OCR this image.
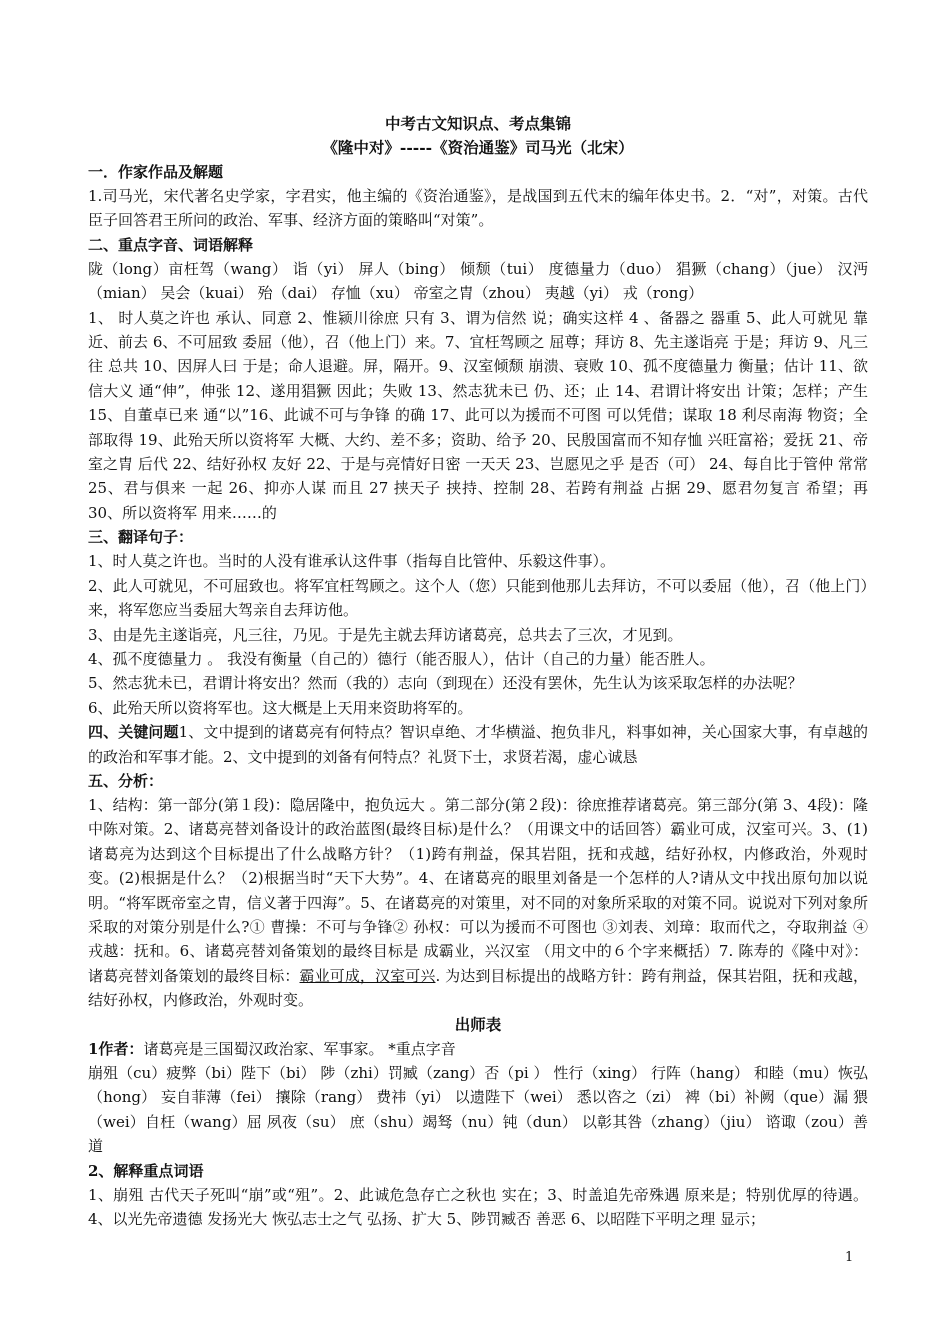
中考古文知识点、考点集锦
《隆中对》-----《资治通鉴》司马光（北宋）
一．作家作品及解题

1.司马光，宋代著名史学家，字君实，他主编的《资治通鉴》，是战国到五代末的编年体史书。2．“对”，对策。古代臣子回答君王所问的政治、军事、经济方面的策略叫“对策”。

二、重点字音、词语解释

陇（long）亩枉驾（wang） 诣（yi） 屏人（bing） 倾颓（tui） 度德量力（duo） 猖獗（chang）（jue） 汉沔（mian） 吴会（kuai） 殆（dai） 存恤（xu） 帝室之胄（zhou） 夷越（yi） 戎（rong）

1、 时人莫之许也 承认、同意 2、惟颍川徐庶 只有 3、谓为信然 说；确实这样 4 、备器之 器重 5、此人可就见 靠近、前去 6、不可屈致 委屈（他），召（他上门）来。7、宜枉驾顾之 屈尊；拜访 8、先主遂诣亮 于是；拜访 9、凡三往 总共 10、因屏人曰 于是；命人退避。屏，隔开。9、汉室倾颓 崩溃、衰败 10、孤不度德量力 衡量；估计 11、欲信大义 通“伸”，伸张 12、遂用猖獗 因此；失败 13、然志犹未已 仍、还；止 14、君谓计将安出 计策；怎样；产生 15、自董卓已来 通“以”16、此诚不可与争锋 的确 17、此可以为援而不可图 可以凭借；谋取 18 利尽南海 物资；全部取得 19、此殆天所以资将军 大概、大约、差不多；资助、给予 20、民殷国富而不知存恤 兴旺富裕；爱抚 21、帝室之胄 后代 22、结好孙权 友好 22、于是与亮情好日密 一天天 23、岂愿见之乎 是否（可） 24、每自比于管仲 常常 25、君与俱来 一起 26、抑亦人谋 而且 27 挟天子 挟持、控制 28、若跨有荆益 占据 29、愿君勿复言 希望；再 30、所以资将军 用来……的

三、翻译句子：

1、时人莫之许也。当时的人没有谁承认这件事（指每自比管仲、乐毅这件事）。

2、此人可就见，不可屈致也。将军宜枉驾顾之。这个人（您）只能到他那儿去拜访，不可以委屈（他），召（他上门）来，将军您应当委屈大驾亲自去拜访他。

3、由是先主遂诣亮，凡三往，乃见。于是先主就去拜访诸葛亮，总共去了三次，才见到。

4、孤不度德量力 。 我没有衡量（自己的）德行（能否服人），估计（自己的力量）能否胜人。

5、然志犹未已，君谓计将安出？然而（我的）志向（到现在）还没有罢休，先生认为该采取怎样的办法呢？

6、此殆天所以资将军也。这大概是上天用来资助将军的。

四、关键问题1、文中提到的诸葛亮有何特点？智识卓绝、才华横溢、抱负非凡，料事如神，关心国家大事，有卓越的的政治和军事才能。2、文中提到的刘备有何特点？礼贤下士，求贤若渴，虚心诚恳

五、分析：

1、结构：第一部分(第１段)：隐居隆中，抱负远大 。第二部分(第２段)：徐庶推荐诸葛亮。第三部分(第 3、4段)：隆中陈对策。2、诸葛亮替刘备设计的政治蓝图(最终目标)是什么？（用课文中的话回答）霸业可成，汉室可兴。3、(1)诸葛亮为达到这个目标提出了什么战略方针？（1)跨有荆益，保其岩阻，抚和戎越，结好孙权，内修政治，外观时变。(2)根据是什么？（2)根据当时“天下大势”。4、在诸葛亮的眼里刘备是一个怎样的人?请从文中找出原句加以说明。“将军既帝室之胄，信义著于四海”。5、在诸葛亮的对策里，对不同的对象所采取的对策不同。说说对下列对象所采取的对策分别是什么?① 曹操：不可与争锋② 孙权：可以为援而不可图也 ③刘表、刘璋：取而代之，夺取荆益 ④ 戎越：抚和。6、诸葛亮替刘备策划的最终目标是 成霸业，兴汉室 （用文中的６个字来概括）7. 陈寿的《隆中对》：诸葛亮替刘备策划的最终目标：霸业可成，汉室可兴. 为达到目标提出的战略方针：跨有荆益，保其岩阻，抚和戎越，结好孙权，内修政治，外观时变。

出师表

1作者：诸葛亮是三国蜀汉政治家、军事家。 *重点字音

崩殂（cu）疲弊（bi）陛下（bi） 陟（zhi）罚臧（zang）否（pi ） 性行（xing） 行阵（hang） 和睦（mu）恢弘（hong） 妄自菲薄（fei） 攘除（rang） 费祎（yi） 以遗陛下（wei） 悉以咨之（zi） 裨（bi）补阙（que）漏 猥（wei）自枉（wang）屈 夙夜（su） 庶（shu）竭驽（nu）钝（dun） 以彰其咎（zhang）（jiu） 谘诹（zou）善道

2、解释重点词语

1、崩殂 古代天子死叫“崩”或“殂”。2、此诚危急存亡之秋也 实在；3、时盖追先帝殊遇 原来是；特别优厚的待遇。4、以光先帝遗德 发扬光大 恢弘志士之气 弘扬、扩大 5、陟罚臧否 善恶 6、以昭陛下平明之理 显示；

1
